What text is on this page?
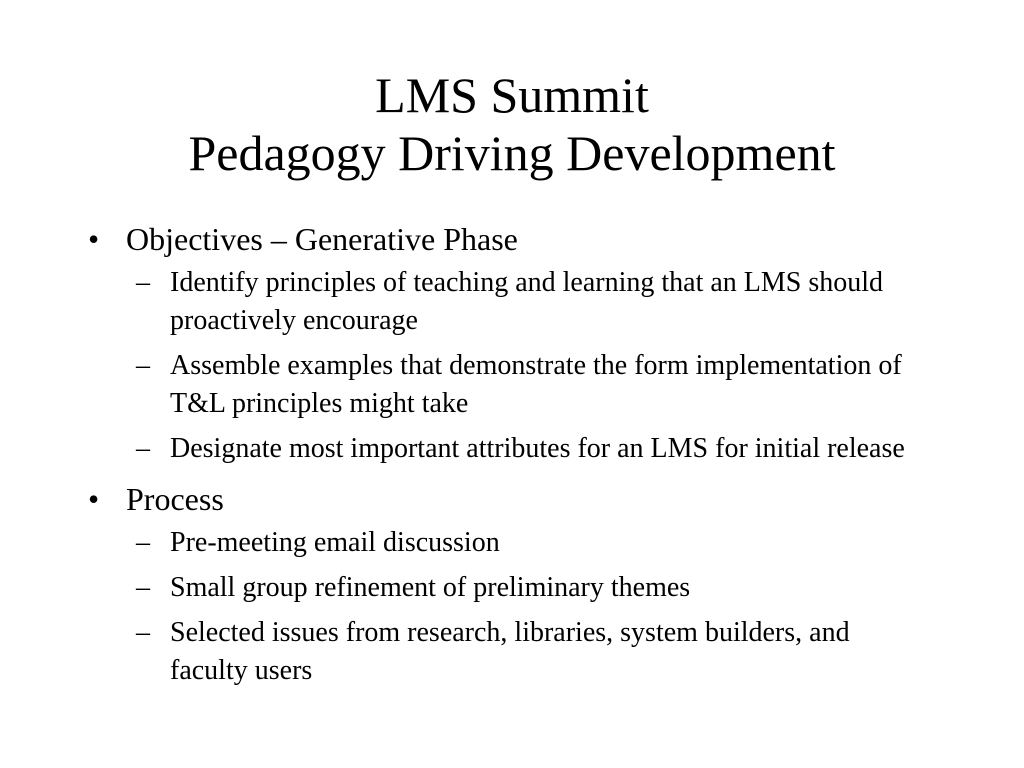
LMS Summit
Pedagogy Driving Development
• Objectives – Generative Phase
– Identify principles of teaching and learning that an LMS should proactively encourage
– Assemble examples that demonstrate the form implementation of T&L principles might take
– Designate most important attributes for an LMS for initial release
• Process
– Pre-meeting email discussion
– Small group refinement of preliminary themes
– Selected issues from research, libraries, system builders, and faculty users
